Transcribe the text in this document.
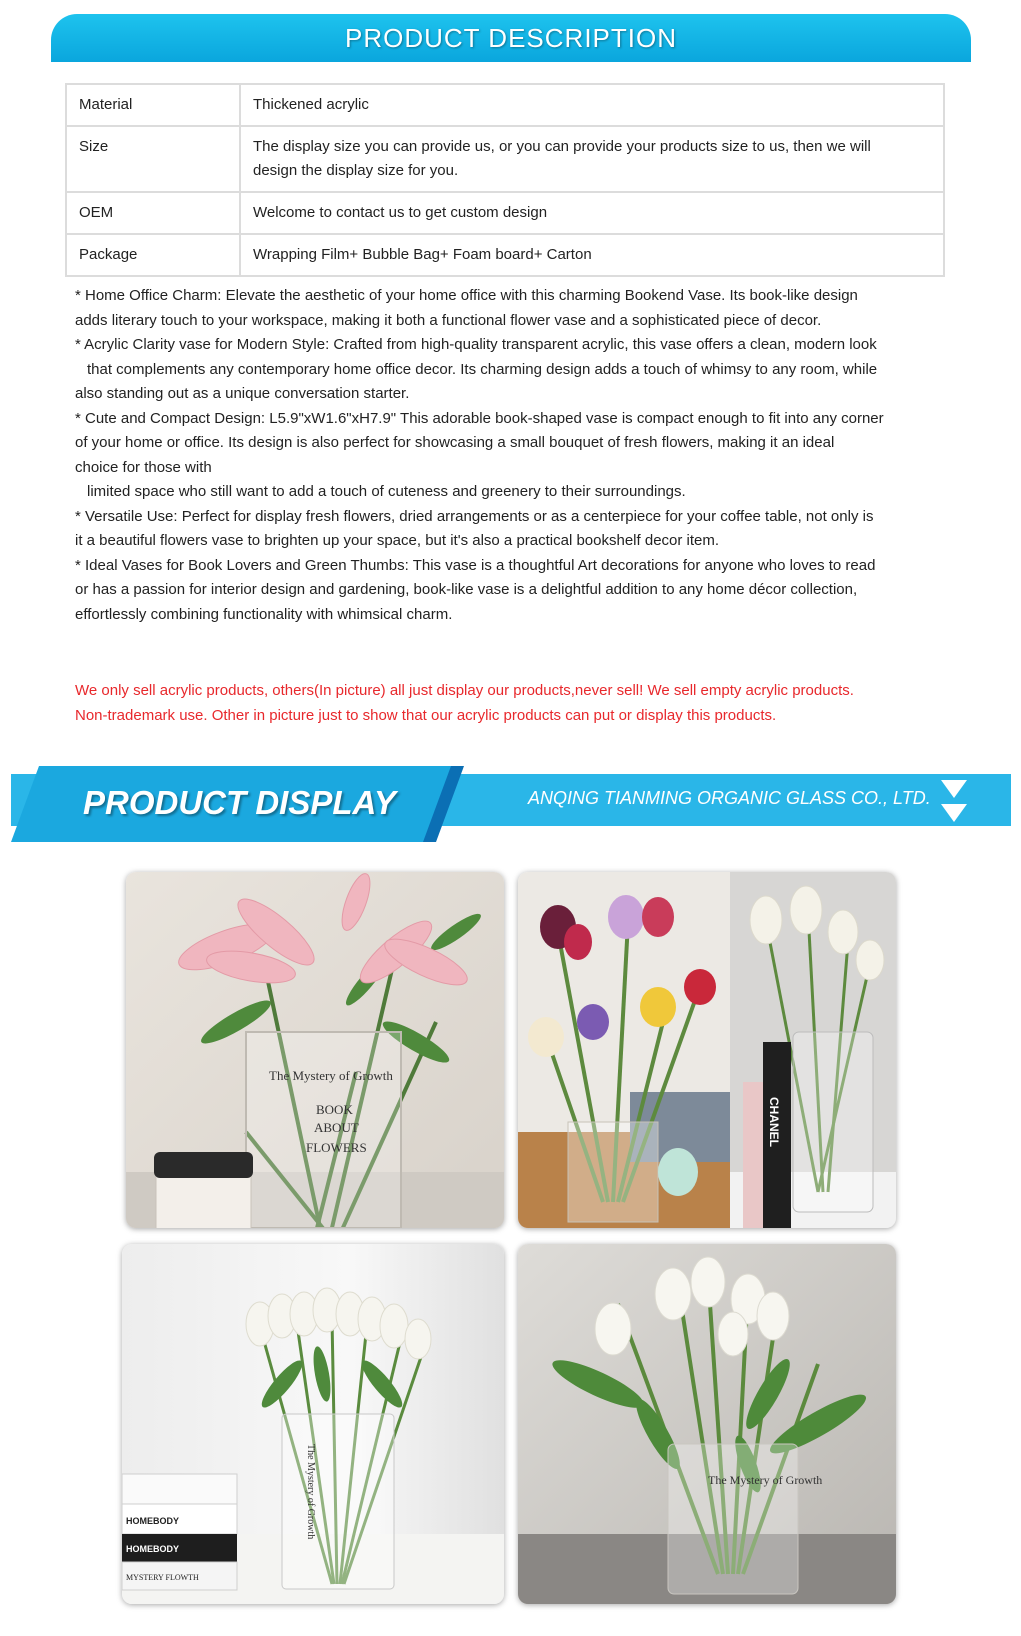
PRODUCT DESCRIPTION
Material	Thickened acrylic
Size	The display size you can provide us, or you can provide your products size to us, then we will design the display size for you.
OEM	Welcome to contact us to get custom design
Package	Wrapping Film+ Bubble Bag+ Foam board+ Carton

* Home Office Charm: Elevate the aesthetic of your home office with this charming Bookend Vase. Its book-like design

adds literary touch to your workspace, making it both a functional flower vase and a sophisticated piece of decor.

* Acrylic Clarity vase for Modern Style: Crafted from high-quality transparent acrylic, this vase offers a clean, modern look

that complements any contemporary home office decor. Its charming design adds a touch of whimsy to any room, while

also standing out as a unique conversation starter.

* Cute and Compact Design: L5.9"xW1.6"xH7.9" This adorable book-shaped vase is compact enough to fit into any corner

of your home or office. Its design is also perfect for showcasing a small bouquet of fresh flowers, making it an ideal

choice for those with

limited space who still want to add a touch of cuteness and greenery to their surroundings.

* Versatile Use: Perfect for display fresh flowers, dried arrangements or as a centerpiece for your coffee table, not only is

it a beautiful flowers vase to brighten up your space, but it's also a practical bookshelf decor item.

* Ideal Vases for Book Lovers and Green Thumbs: This vase is a thoughtful Art decorations for anyone who loves to read

or has a passion for interior design and gardening, book-like vase is a delightful addition to any home décor collection,

effortlessly combining functionality with whimsical charm.

We only sell acrylic products, others(In picture) all just display our products,never sell! We sell empty acrylic products.

Non-trademark use. Other in picture just to show that our acrylic products can put or display this products.

PRODUCT DISPLAY	ANQING TIANMING ORGANIC GLASS CO., LTD.
The Mystery of Growth
BOOK
ABOUT
FLOWERS
CHANEL
The Mystery of Growth
HOMEBODY
HOMEBODY
MYSTERY FLOWTH
The Mystery of Growth
